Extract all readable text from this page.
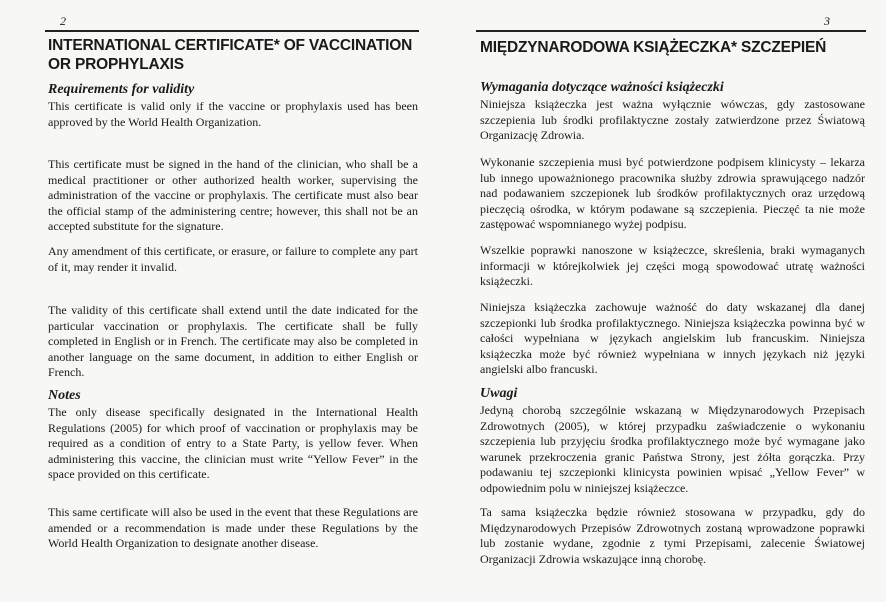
2
INTERNATIONAL CERTIFICATE* OF VACCINATION OR PROPHYLAXIS
Requirements for validity

This certificate is valid only if the vaccine or prophylaxis used has been approved by the World Health Organization.

This certificate must be signed in the hand of the clinician, who shall be a medical practitioner or other authorized health worker, supervising the administration of the vaccine or prophylaxis. The certificate must also bear the official stamp of the administering centre; however, this shall not be an accepted substitute for the signature.

Any amendment of this certificate, or erasure, or failure to complete any part of it, may render it invalid.

The validity of this certificate shall extend until the date indicated for the particular vaccination or prophylaxis. The certificate shall be fully completed in English or in French. The certificate may also be completed in another language on the same document, in addition to either English or French.

Notes

The only disease specifically designated in the International Health Regulations (2005) for which proof of vaccination or prophylaxis may be required as a condition of entry to a State Party, is yellow fever. When administering this vaccine, the clinician must write “Yellow Fever” in the space provided on this certificate.

This same certificate will also be used in the event that these Regulations are amended or a recommendation is made under these Regulations by the World Health Organization to designate another disease.

3
MIĘDZYNARODOWA KSIĄŻECZKA* SZCZEPIEŃ
Wymagania dotyczące ważności książeczki

Niniejsza książeczka jest ważna wyłącznie wówczas, gdy zastosowane szczepienia lub środki profilaktyczne zostały zatwierdzone przez Światową Organizację Zdrowia.

Wykonanie szczepienia musi być potwierdzone podpisem klinicysty – lekarza lub innego upoważnionego pracownika służby zdrowia sprawującego nadzór nad podawaniem szczepionek lub środków profilaktycznych oraz urzędową pieczęcią ośrodka, w którym podawane są szczepienia. Pieczęć ta nie może zastępować wspomnianego wyżej podpisu.

Wszelkie poprawki nanoszone w książeczce, skreślenia, braki wymaganych informacji w którejkolwiek jej części mogą spowodować utratę ważności książeczki.

Niniejsza książeczka zachowuje ważność do daty wskazanej dla danej szczepionki lub środka profilaktycznego. Niniejsza książeczka powinna być w całości wypełniana w językach angielskim lub francuskim. Niniejsza książeczka może być również wypełniana w innych językach niż języki angielski albo francuski.

Uwagi

Jedyną chorobą szczególnie wskazaną w Międzynarodowych Przepisach Zdrowotnych (2005), w której przypadku zaświadczenie o wykonaniu szczepienia lub przyjęciu środka profilaktycznego może być wymagane jako warunek przekroczenia granic Państwa Strony, jest żółta gorączka. Przy podawaniu tej szczepionki klinicysta powinien wpisać „Yellow Fever” w odpowiednim polu w niniejszej książeczce.

Ta sama książeczka będzie również stosowana w przypadku, gdy do Międzynarodowych Przepisów Zdrowotnych zostaną wprowadzone poprawki lub zostanie wydane, zgodnie z tymi Przepisami, zalecenie Światowej Organizacji Zdrowia wskazujące inną chorobę.
